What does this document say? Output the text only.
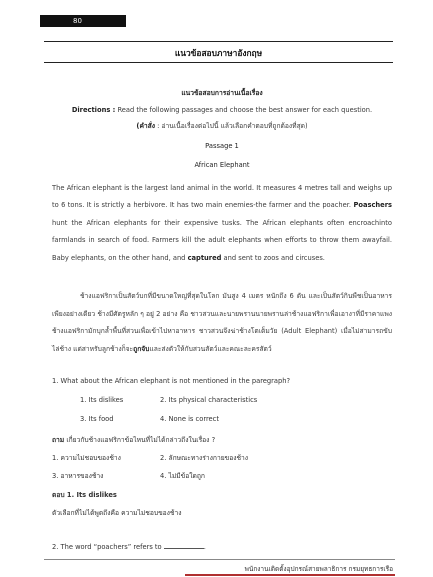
80
แนวข้อสอบภาษาอังกฤษ
แนวข้อสอบการอ่านเนื้อเรื่อง
Directions : Read the following passages and choose the best answer for each question.
(คำสั่ง : อ่านเนื้อเรื่องต่อไปนี้ แล้วเลือกคำตอบที่ถูกต้องที่สุด)
Passage 1
African Elephant
The African elephant is the largest land animal in the world. It measures 4 metres tall and weighs up to 6 tons. It is strictly a herbivore. It has two main enemies-the farmer and the poacher. Poaschers hunt the African elephants for their expensive tusks. The African elephants often encroachinto farmlands in search of food. Farmers kill the adult elephants when efforts to throw them awayfail. Baby elephants, on the other hand, and captured and sent to zoos and circuses.
ช้างแอฟริกาเป็นสัตว์บกที่มีขนาดใหญ่ที่สุดในโลก มันสูง 4 เมตร หนักถึง 6 ตัน และเป็นสัตว์กินพืชเป็นอาหารเพียงอย่างเดียว ช้างมีศัตรูหลัก ๆ อยู่ 2 อย่าง คือ ชาวสวนและนายพรานนายพรานล่าช้างแอฟริกาเพื่อเอางาที่มีราคาแพง ช้างแอฟริกามักบุกล้ำพื้นที่สวนเพื่อเข้าไปหาอาหาร ชาวสวนจึงฆ่าช้างโตเต็มวัย (Adult Elephant) เมื่อไม่สามารถขับไล่ช้าง แต่สาหรับลูกช้างก็จะถูกจับและส่งตัวให้กับสวนสัตว์และคณะละครสัตว์
1. What about the African elephant is not mentioned in the paregraph?
1. Its dislikes	2. Its physical characteristics
3. Its food	4. None is correct
ถาม เกี่ยวกับช้างแอฟริกาข้อไหนที่ไม่ได้กล่าวถึงในเรื่อง ?
1. ความไม่ชอบของช้าง	2. ลักษณะทางร่างกายของช้าง
3. อาหารของช้าง	4. ไม่มีข้อใดถูก
ตอบ 1. Its dislikes
ตัวเลือกที่ไม่ได้พูดถึงคือ ความไม่ชอบของช้าง
2. The word “poachers” refers to	.
พนักงานเติดตั้งอุปกรณ์สายพลาธิการ กรมยุทธการเรือ
